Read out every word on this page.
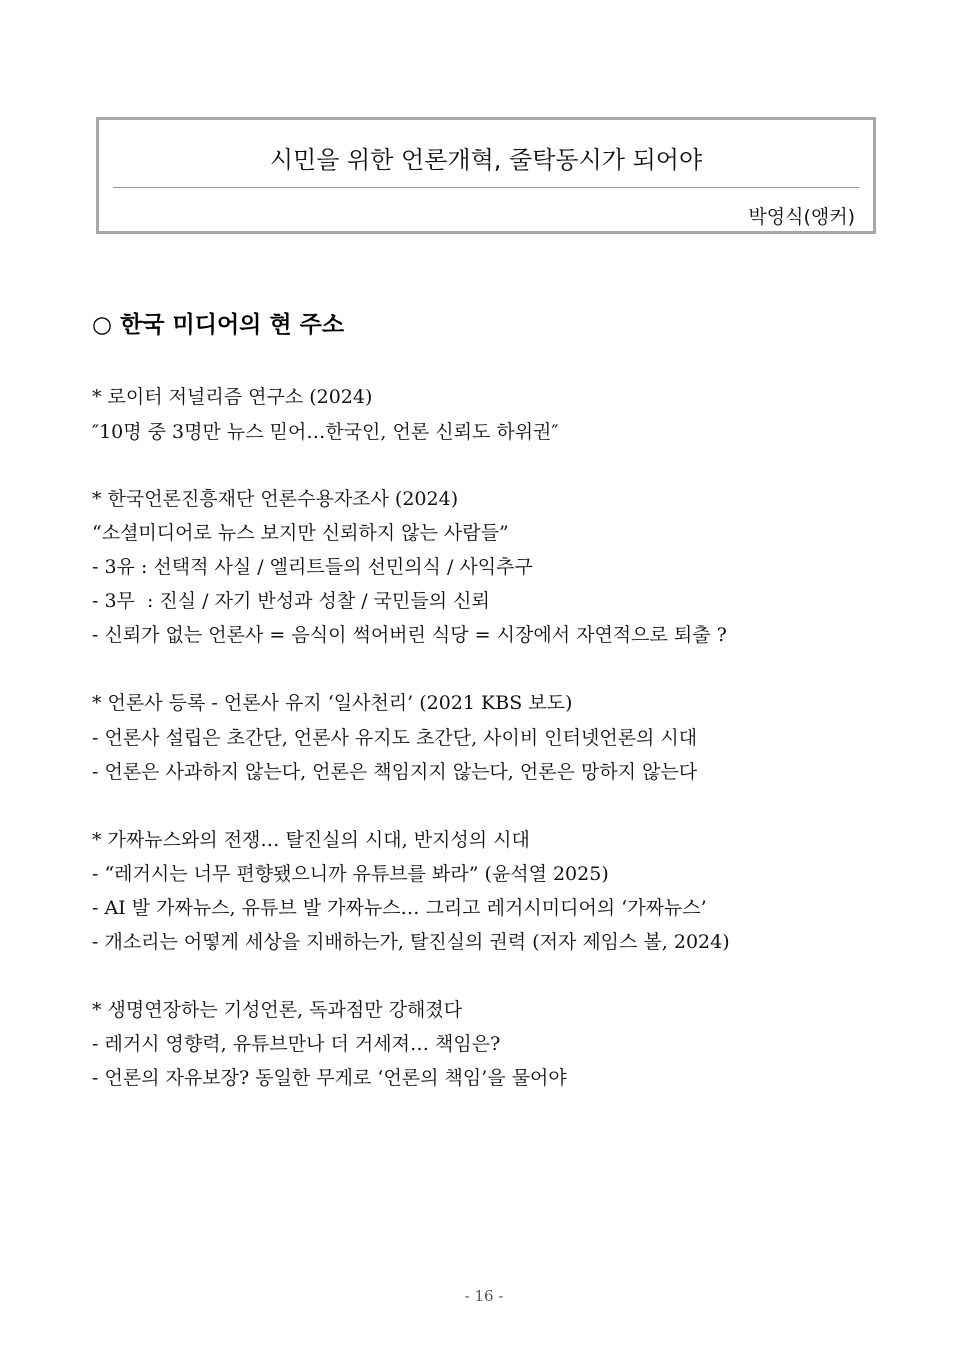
시민을 위한 언론개혁, 줄탁동시가 되어야
박영식(앵커)
○ 한국 미디어의 현 주소
* 로이터 저널리즘 연구소 (2024)
″10명 중 3명만 뉴스 믿어…한국인, 언론 신뢰도 하위권″
* 한국언론진흥재단 언론수용자조사 (2024)
“소셜미디어로 뉴스 보지만 신뢰하지 않는 사람들”
- 3유 : 선택적 사실 / 엘리트들의 선민의식 / 사익추구
- 3무  : 진실 / 자기 반성과 성찰 / 국민들의 신뢰
- 신뢰가 없는 언론사 = 음식이 썩어버린 식당 = 시장에서 자연적으로 퇴출 ?
* 언론사 등록 - 언론사 유지 ‘일사천리’ (2021 KBS 보도)
- 언론사 설립은 초간단, 언론사 유지도 초간단, 사이비 인터넷언론의 시대
- 언론은 사과하지 않는다, 언론은 책임지지 않는다, 언론은 망하지 않는다
* 가짜뉴스와의 전쟁… 탈진실의 시대, 반지성의 시대
- “레거시는 너무 편향됐으니까 유튜브를 봐라” (윤석열 2025)
- AI 발 가짜뉴스, 유튜브 발 가짜뉴스… 그리고 레거시미디어의 ‘가짜뉴스’
- 개소리는 어떻게 세상을 지배하는가, 탈진실의 권력 (저자 제임스 볼, 2024)
* 생명연장하는 기성언론, 독과점만 강해졌다
- 레거시 영향력, 유튜브만나 더 거세져… 책임은?
- 언론의 자유보장? 동일한 무게로 ‘언론의 책임’을 물어야
- 16 -
